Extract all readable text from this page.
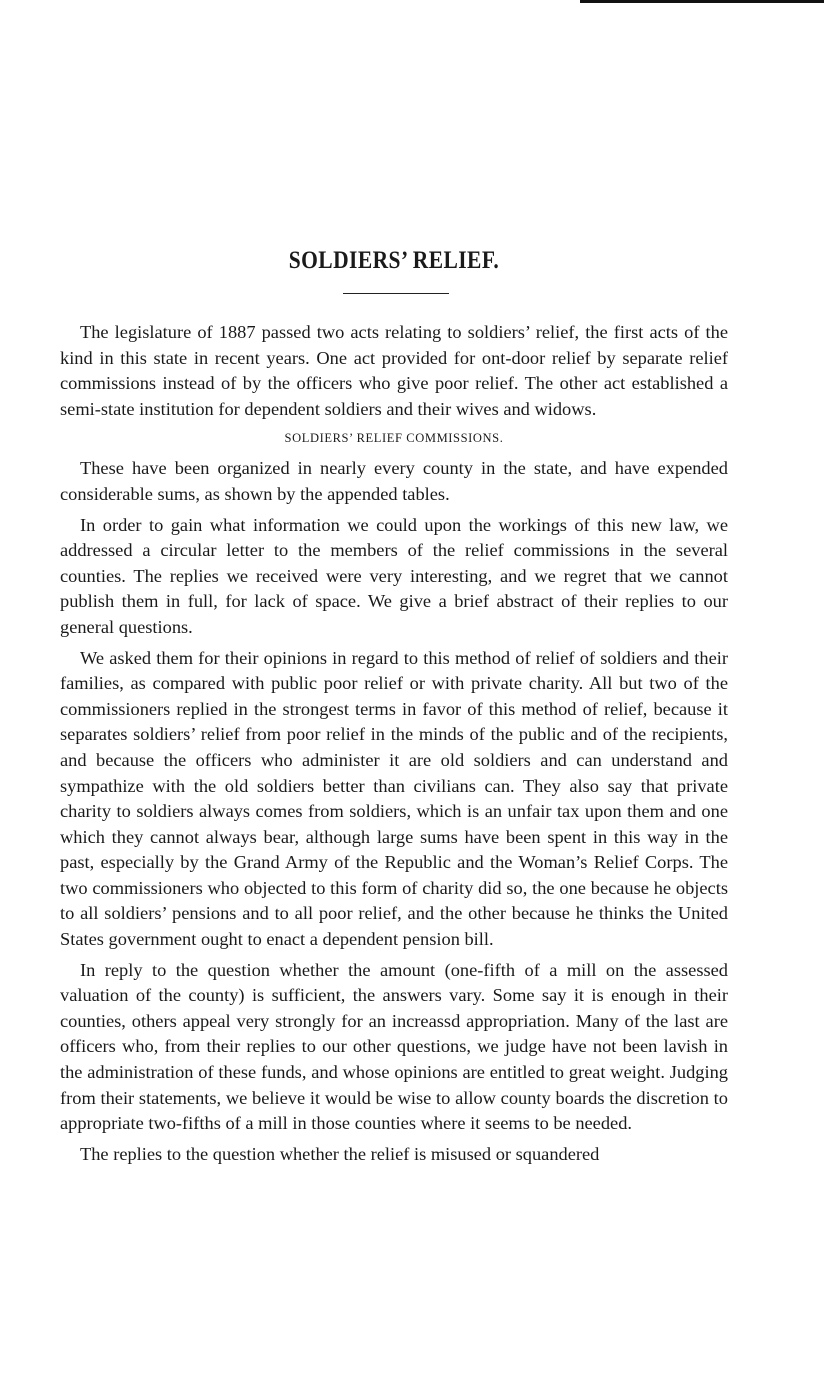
SOLDIERS’ RELIEF.

The legislature of 1887 passed two acts relating to soldiers’ relief, the first acts of the kind in this state in recent years. One act provided for ont-door relief by separate relief commissions instead of by the officers who give poor relief. The other act established a semi-state institution for dependent soldiers and their wives and widows.

SOLDIERS’ RELIEF COMMISSIONS.

These have been organized in nearly every county in the state, and have expended considerable sums, as shown by the appended tables.

In order to gain what information we could upon the workings of this new law, we addressed a circular letter to the members of the relief commissions in the several counties. The replies we received were very interesting, and we regret that we cannot publish them in full, for lack of space. We give a brief abstract of their replies to our general questions.

We asked them for their opinions in regard to this method of relief of soldiers and their families, as compared with public poor relief or with private charity. All but two of the commissioners replied in the strongest terms in favor of this method of relief, because it separates soldiers’ relief from poor relief in the minds of the public and of the recipients, and because the officers who administer it are old soldiers and can understand and sympathize with the old soldiers better than civilians can. They also say that private charity to soldiers always comes from soldiers, which is an unfair tax upon them and one which they cannot always bear, although large sums have been spent in this way in the past, especially by the Grand Army of the Republic and the Woman’s Relief Corps. The two commissioners who objected to this form of charity did so, the one because he objects to all soldiers’ pensions and to all poor relief, and the other because he thinks the United States government ought to enact a dependent pension bill.

In reply to the question whether the amount (one-fifth of a mill on the assessed valuation of the county) is sufficient, the answers vary. Some say it is enough in their counties, others appeal very strongly for an increassd appropriation. Many of the last are officers who, from their replies to our other questions, we judge have not been lavish in the administration of these funds, and whose opinions are entitled to great weight. Judging from their statements, we believe it would be wise to allow county boards the discretion to appropriate two-fifths of a mill in those counties where it seems to be needed.

The replies to the question whether the relief is misused or squandered
